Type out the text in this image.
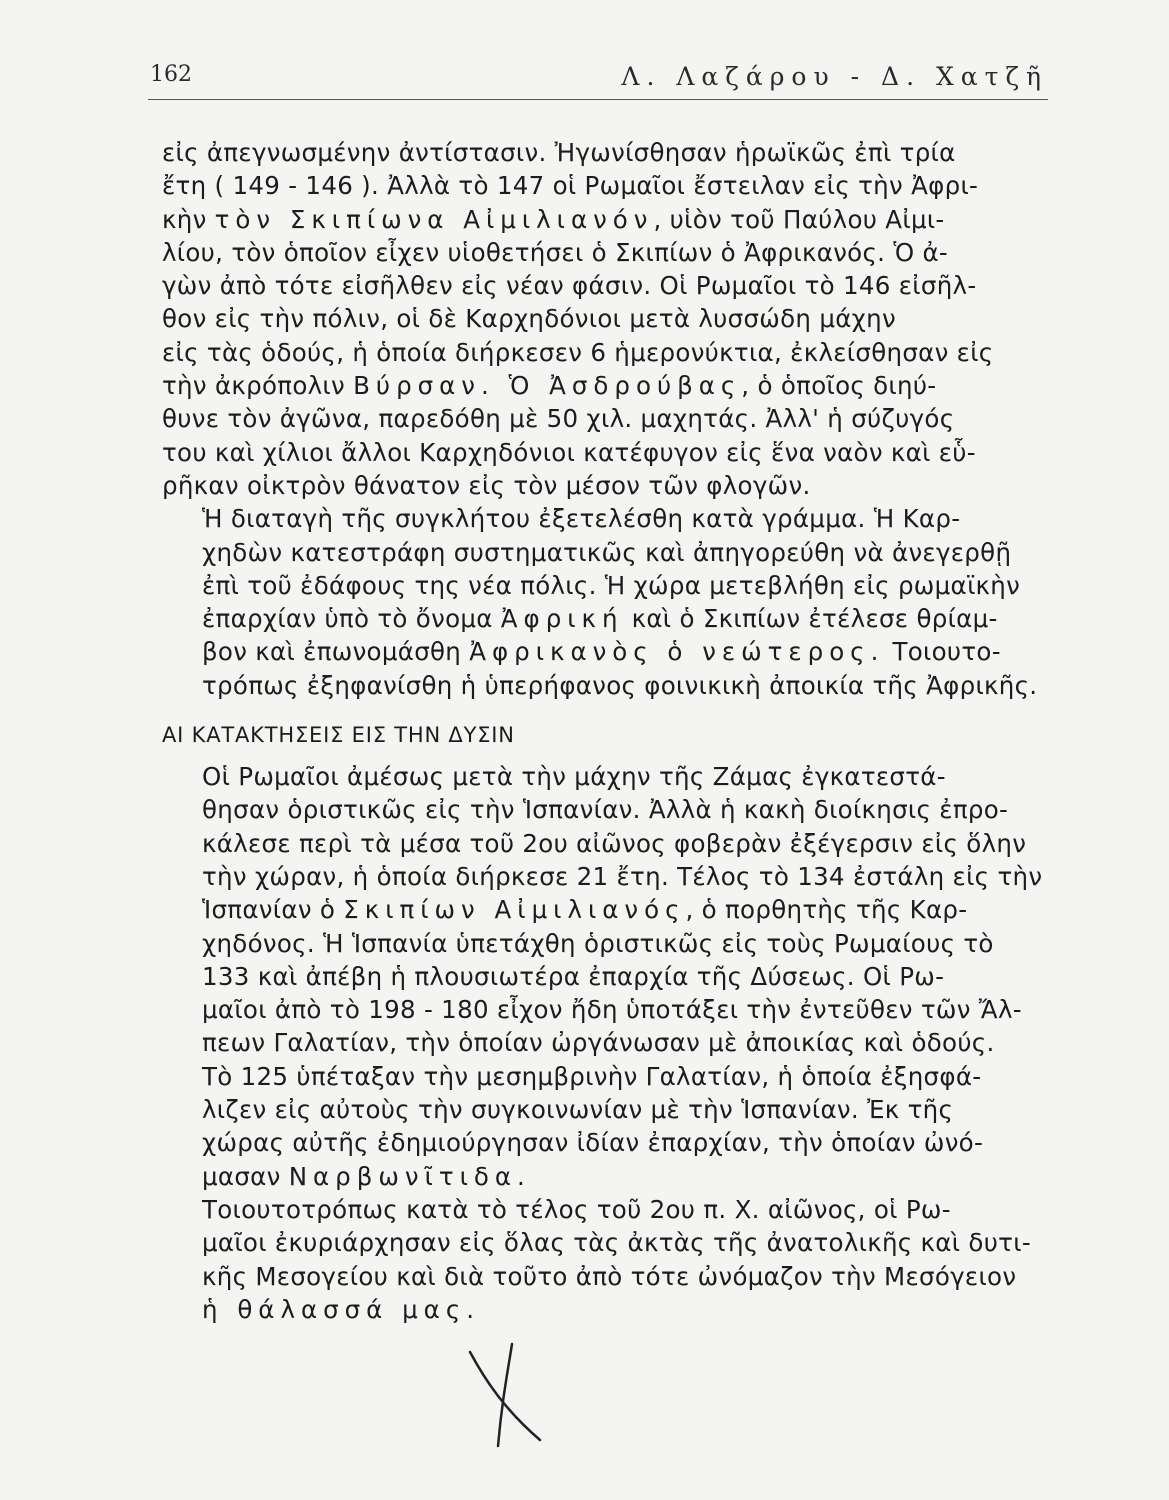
162	Λ. Λαζάρου - Δ. Χατζῆ

εἰς ἀπεγνωσμένην ἀντίστασιν. Ἠγωνίσθησαν ἡρωϊκῶς ἐπὶ τρία
ἔτη ( 149 - 146 ). Ἀλλὰ τὸ 147 οἱ Ρωμαῖοι ἔστειλαν εἰς τὴν Ἀφρι-
κὴν τὸν Σκιπίωνα Αἰμιλιανόν, υἱὸν τοῦ Παύλου Αἰμι-
λίου, τὸν ὁποῖον εἶχεν υἱοθετήσει ὁ Σκιπίων ὁ Ἀφρικανός. Ὁ ἀ-
γὼν ἀπὸ τότε εἰσῆλθεν εἰς νέαν φάσιν. Οἱ Ρωμαῖοι τὸ 146 εἰσῆλ-
θον εἰς τὴν πόλιν, οἱ δὲ Καρχηδόνιοι μετὰ λυσσώδη μάχην
εἰς τὰς ὁδούς, ἡ ὁποία διήρκεσεν 6 ἡμερονύκτια, ἐκλείσθησαν εἰς
τὴν ἀκρόπολιν Βύρσαν. Ὁ Ἀσδρούβας, ὁ ὁποῖος διηύ-
θυνε τὸν ἀγῶνα, παρεδόθη μὲ 50 χιλ. μαχητάς. Ἀλλ' ἡ σύζυγός
του καὶ χίλιοι ἄλλοι Καρχηδόνιοι κατέφυγον εἰς ἕνα ναὸν καὶ εὗ-
ρῆκαν οἰκτρὸν θάνατον εἰς τὸν μέσον τῶν φλογῶν.

Ἡ διαταγὴ τῆς συγκλήτου ἐξετελέσθη κατὰ γράμμα. Ἡ Καρ-
χηδὼν κατεστράφη συστηματικῶς καὶ ἀπηγορεύθη νὰ ἀνεγερθῇ
ἐπὶ τοῦ ἐδάφους της νέα πόλις. Ἡ χώρα μετεβλήθη εἰς ρωμαϊκὴν
ἐπαρχίαν ὑπὸ τὸ ὄνομα Ἀφρική καὶ ὁ Σκιπίων ἐτέλεσε θρίαμ-
βον καὶ ἐπωνομάσθη Ἀφρικανὸς ὁ νεώτερος. Τοιουτο-
τρόπως ἐξηφανίσθη ἡ ὑπερήφανος φοινικικὴ ἀποικία τῆς Ἀφρικῆς.

ΑΙ ΚΑΤΑΚΤΗΣΕΙΣ ΕΙΣ ΤΗΝ ΔΥΣΙΝ

Οἱ Ρωμαῖοι ἀμέσως μετὰ τὴν μάχην τῆς Ζάμας ἐγκατεστά-
θησαν ὁριστικῶς εἰς τὴν Ἱσπανίαν. Ἀλλὰ ἡ κακὴ διοίκησις ἐπρο-
κάλεσε περὶ τὰ μέσα τοῦ 2ου αἰῶνος φοβερὰν ἐξέγερσιν εἰς ὅλην
τὴν χώραν, ἡ ὁποία διήρκεσε 21 ἔτη. Τέλος τὸ 134 ἐστάλη εἰς τὴν
Ἱσπανίαν ὁ Σκιπίων Αἰμιλιανός, ὁ πορθητὴς τῆς Καρ-
χηδόνος. Ἡ Ἱσπανία ὑπετάχθη ὁριστικῶς εἰς τοὺς Ρωμαίους τὸ
133 καὶ ἀπέβη ἡ πλουσιωτέρα ἐπαρχία τῆς Δύσεως. Οἱ Ρω-
μαῖοι ἀπὸ τὸ 198 - 180 εἶχον ἤδη ὑποτάξει τὴν ἐντεῦθεν τῶν Ἄλ-
πεων Γαλατίαν, τὴν ὁποίαν ὠργάνωσαν μὲ ἀποικίας καὶ ὁδούς.

Τὸ 125 ὑπέταξαν τὴν μεσημβρινὴν Γαλατίαν, ἡ ὁποία ἐξησφά-
λιζεν εἰς αὐτοὺς τὴν συγκοινωνίαν μὲ τὴν Ἱσπανίαν. Ἐκ τῆς
χώρας αὐτῆς ἐδημιούργησαν ἰδίαν ἐπαρχίαν, τὴν ὁποίαν ὠνό-
μασαν Ναρβωνῖτιδα.

Τοιουτοτρόπως κατὰ τὸ τέλος τοῦ 2ου π. Χ. αἰῶνος, οἱ Ρω-
μαῖοι ἐκυριάρχησαν εἰς ὅλας τὰς ἀκτὰς τῆς ἀνατολικῆς καὶ δυτι-
κῆς Μεσογείου καὶ διὰ τοῦτο ἀπὸ τότε ὠνόμαζον τὴν Μεσόγειον
ἡ θάλασσά μας.
